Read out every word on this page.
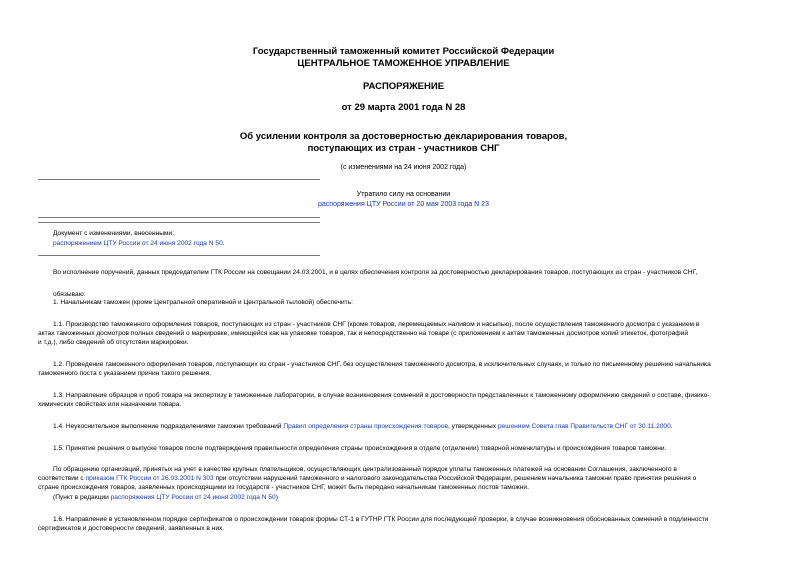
Государственный таможенный комитет Российской Федерации
ЦЕНТРАЛЬНОЕ ТАМОЖЕННОЕ УПРАВЛЕНИЕ
РАСПОРЯЖЕНИЕ
от 29 марта 2001 года N 28
Об усилении контроля за достоверностью декларирования товаров,
поступающих из стран - участников СНГ
(с изменениями на 24 июня 2002 года)
Утратило силу на основании
распоряжения ЦТУ России от 20 мая 2003 года N 23
Документ с изменениями, внесенными:
распоряжением ЦТУ России от 24 июня 2002 года N 50.
Во исполнение поручений, данных председателем ГТК России на совещании 24.03.2001, и в целях обеспечения контроля за достоверностью декларирования товаров, поступающих из стран - участников СНГ,
обязываю:
1. Начальникам таможен (кроме Центральной оперативной и Центральной тыловой) обеспечить:
1.1. Производство таможенного оформления товаров, поступающих из стран - участников СНГ (кроме товаров, перемещаемых наливом и насыпью), после осуществления таможенного досмотра с указанием в
актах таможенных досмотров полных сведений о маркировке, имеющейся как на упаковке товаров, так и непосредственно на товаре (с приложением к актам таможенных досмотров копий этикеток, фотографий
и т.д.), либо сведений об отсутствии маркировки.
1.2. Проведение таможенного оформления товаров, поступающих из стран - участников СНГ, без осуществления таможенного досмотра, в исключительных случаях, и только по письменному решению начальника
таможенного поста с указанием причин такого решения.
1.3. Направление образцов и проб товара на экспертизу в таможенные лаборатории, в случае возникновения сомнений в достоверности представленных к таможенному оформлению сведений о составе, физико-
химических свойствах или назначении товара.
1.4. Неукоснительное выполнение подразделениями таможни требований Правил определения страны происхождения товаров, утвержденных решением Совета глав Правительств СНГ от 30.11.2000.
1.5. Принятие решения о выпуске товаров после подтверждения правильности определения страны происхождения в отделе (отделении) товарной номенклатуры и происхождения товаров таможни.
По обращению организаций, принятых на учет в качестве крупных плательщиков, осуществляющих централизованный порядок уплаты таможенных платежей на основании Соглашения, заключенного в
соответствии с приказом ГТК России от 26.03.2001 N 303 при отсутствии нарушений таможенного и налогового законодательства Российской Федерации, решением начальника таможни право принятия решения о
стране происхождения товаров, заявленных происходящими из государств - участников СНГ, может быть передано начальникам таможенных постов таможни.
(Пункт в редакции распоряжения ЦТУ России от 24 июня 2002 года N 50)
1.6. Направление в установленном порядке сертификатов о происхождении товаров формы СТ-1 в ГУТНР ГТК России для последующей проверки, в случае возникновения обоснованных сомнений в подлинности
сертификатов и достоверности сведений, заявленных в них.
